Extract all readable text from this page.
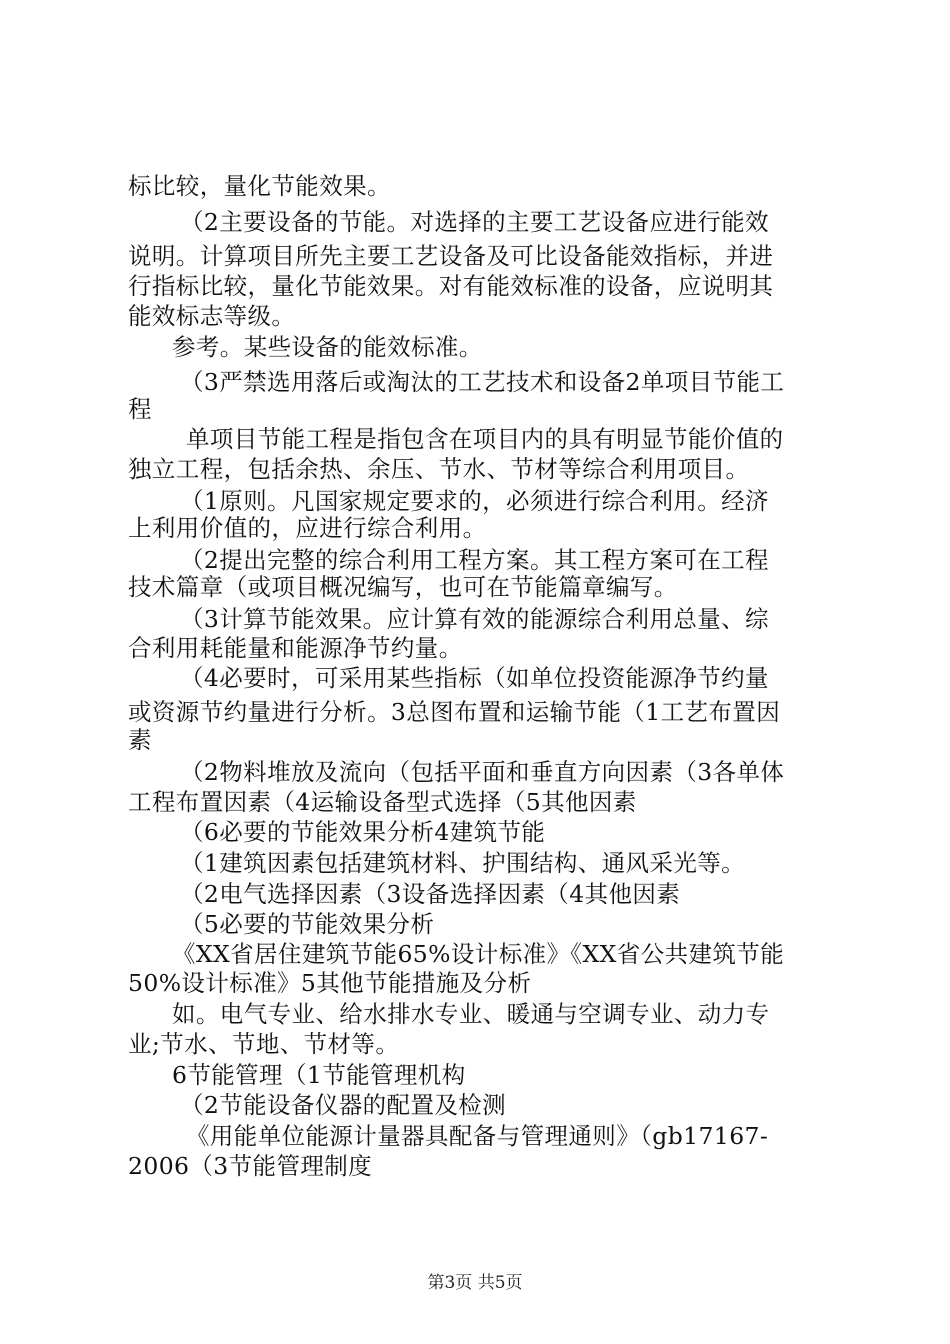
标比较，量化节能效果。
（2主要设备的节能。对选择的主要工艺设备应进行能效
说明。计算项目所先主要工艺设备及可比设备能效指标，并进
行指标比较，量化节能效果。对有能效标准的设备，应说明其
能效标志等级。
参考。某些设备的能效标准。
（3严禁选用落后或淘汰的工艺技术和设备2单项目节能工
程
单项目节能工程是指包含在项目内的具有明显节能价值的
独立工程，包括余热、余压、节水、节材等综合利用项目。
（1原则。凡国家规定要求的，必须进行综合利用。经济
上利用价值的，应进行综合利用。
（2提出完整的综合利用工程方案。其工程方案可在工程
技术篇章（或项目概况编写，也可在节能篇章编写。
（3计算节能效果。应计算有效的能源综合利用总量、综
合利用耗能量和能源净节约量。
（4必要时，可采用某些指标（如单位投资能源净节约量
或资源节约量进行分析。3总图布置和运输节能（1工艺布置因
素
（2物料堆放及流向（包括平面和垂直方向因素（3各单体
工程布置因素（4运输设备型式选择（5其他因素
（6必要的节能效果分析4建筑节能
（1建筑因素包括建筑材料、护围结构、通风采光等。
（2电气选择因素（3设备选择因素（4其他因素
（5必要的节能效果分析
《XX省居住建筑节能65%设计标准》《XX省公共建筑节能
50%设计标准》5其他节能措施及分析
如。电气专业、给水排水专业、暖通与空调专业、动力专
业;节水、节地、节材等。
6节能管理（1节能管理机构
（2节能设备仪器的配置及检测
《用能单位能源计量器具配备与管理通则》（gb17167-
2006（3节能管理制度
第3页 共5页
